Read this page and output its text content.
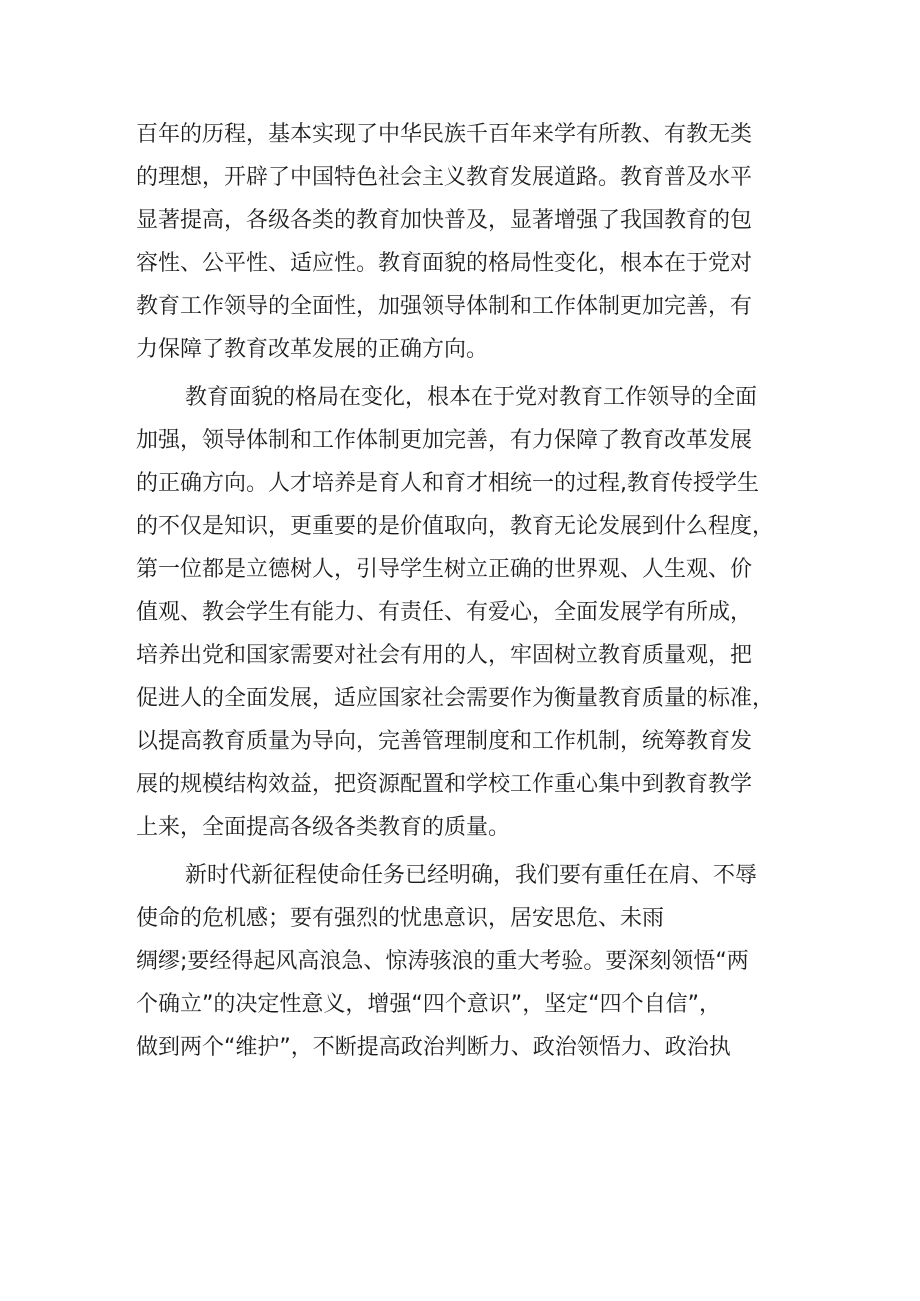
百年的历程，基本实现了中华民族千百年来学有所教、有教无类
的理想，开辟了中国特色社会主义教育发展道路。教育普及水平
显著提高，各级各类的教育加快普及，显著增强了我国教育的包
容性、公平性、适应性。教育面貌的格局性变化，根本在于党对
教育工作领导的全面性，加强领导体制和工作体制更加完善，有
力保障了教育改革发展的正确方向。
教育面貌的格局在变化，根本在于党对教育工作领导的全面
加强，领导体制和工作体制更加完善，有力保障了教育改革发展
的正确方向。人才培养是育人和育才相统一的过程,教育传授学生
的不仅是知识，更重要的是价值取向，教育无论发展到什么程度，
第一位都是立德树人，引导学生树立正确的世界观、人生观、价
值观、教会学生有能力、有责任、有爱心，全面发展学有所成，
培养出党和国家需要对社会有用的人，牢固树立教育质量观，把
促进人的全面发展，适应国家社会需要作为衡量教育质量的标准，
以提高教育质量为导向，完善管理制度和工作机制，统筹教育发
展的规模结构效益，把资源配置和学校工作重心集中到教育教学
上来，全面提高各级各类教育的质量。
新时代新征程使命任务已经明确，我们要有重任在肩、不辱
使命的危机感；要有强烈的忧患意识，居安思危、未雨
绸缪;要经得起风高浪急、惊涛骇浪的重大考验。要深刻领悟“两
个确立”的决定性意义，增强“四个意识”，坚定“四个自信”，
做到两个“维护”，不断提高政治判断力、政治领悟力、政治执
